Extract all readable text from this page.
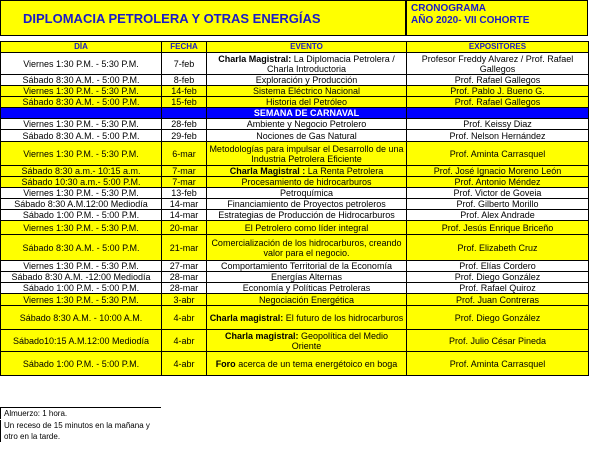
DIPLOMACIA PETROLERA Y OTRAS ENERGÍAS
CRONOGRAMA
AÑO 2020- VII COHORTE
DÍA	FECHA	EVENTO	EXPOSITORES
Viernes 1:30 P.M. - 5:30 P.M.	7-feb	Charla Magistral: La Diplomacia Petrolera / Charla Introductoria	Profesor Freddy Alvarez / Prof. Rafael Gallegos
Sábado 8:30 A.M. - 5:00 P.M.	8-feb	Exploración y Producción	Prof. Rafael Gallegos
Viernes 1:30 P.M. - 5:30 P.M.	14-feb	Sistema Eléctrico Nacional	Prof. Pablo J. Bueno G.
Sábado 8:30 A.M. - 5:00 P.M.	15-feb	Historia del Petróleo	Prof. Rafael Gallegos
		SEMANA DE CARNAVAL	
Viernes 1:30 P.M. - 5:30 P.M.	28-feb	Ambiente y Negocio Petrolero	Prof. Keissy Diaz
Sábado 8:30 A.M. - 5:00 P.M.	29-feb	Nociones de Gas Natural	Prof. Nelson Hernández
Viernes 1:30 P.M. - 5:30 P.M.	6-mar	Metodologías para impulsar el Desarrollo de una Industria Petrolera Eficiente	Prof. Aminta Carrasquel
Sábado 8:30 a.m.- 10:15 a.m.	7-mar	Charla Magistral : La Renta Petrolera	Prof. José Ignacio Moreno León
Sábado 10:30 a.m.- 5:00 P.M.	7-mar	Procesamiento de hidrocarburos	Prof. Antonio Méndez
Viernes 1:30 P.M. - 5:30 P.M.	13-feb	Petroquímica	Prof. Victor de Goveia
Sábado 8:30 A.M.12:00 Mediodía	14-mar	Financiamiento de Proyectos petroleros	Prof. Gilberto Morillo
Sábado 1:00 P.M. - 5:00 P.M.	14-mar	Estrategias de Producción de Hidrocarburos	Prof. Alex Andrade
Viernes 1:30 P.M. - 5:30 P.M.	20-mar	El Petrolero como líder integral	Prof. Jesús Enrique Briceño
Sábado 8:30 A.M. - 5:00 P.M.	21-mar	Comercialización de los hidrocarburos, creando valor para el negocio.	Prof. Elizabeth Cruz
Viernes 1:30 P.M. - 5:30 P.M.	27-mar	Comportamiento Territorial de la Economía	Prof. Elías Cordero
Sábado 8:30 A.M. -12:00 Mediodía	28-mar	Energías Alternas	Prof. Diego González
Sábado 1:00 P.M. - 5:00 P.M.	28-mar	Economía y Políticas Petroleras	Prof. Rafael Quiroz
Viernes 1:30 P.M. - 5:30 P.M.	3-abr	Negociación Energética	Prof. Juan Contreras
Sábado 8:30 A.M. - 10:00 A.M.	4-abr	Charla magistral: El futuro de los hidrocarburos	Prof. Diego González
Sábado10:15 A.M.12:00 Mediodía	4-abr	Charla magistral: Geopolítica del Medio Oriente	Prof. Julio César Pineda
Sábado 1:00 P.M. - 5:00 P.M.	4-abr	Foro acerca de un tema energétoico en boga	Prof. Aminta Carrasquel
Almuerzo: 1 hora.
Un receso de 15 minutos en la mañana y otro en la tarde.
